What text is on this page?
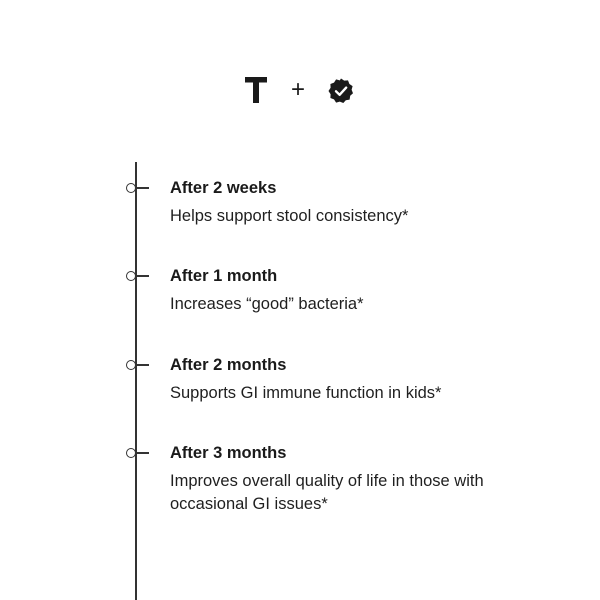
+
After 2 weeks
Helps support stool consistency*
After 1 month
Increases “good” bacteria*
After 2 months
Supports GI immune function in kids*
After 3 months
Improves overall quality of life in those with occasional GI issues*
